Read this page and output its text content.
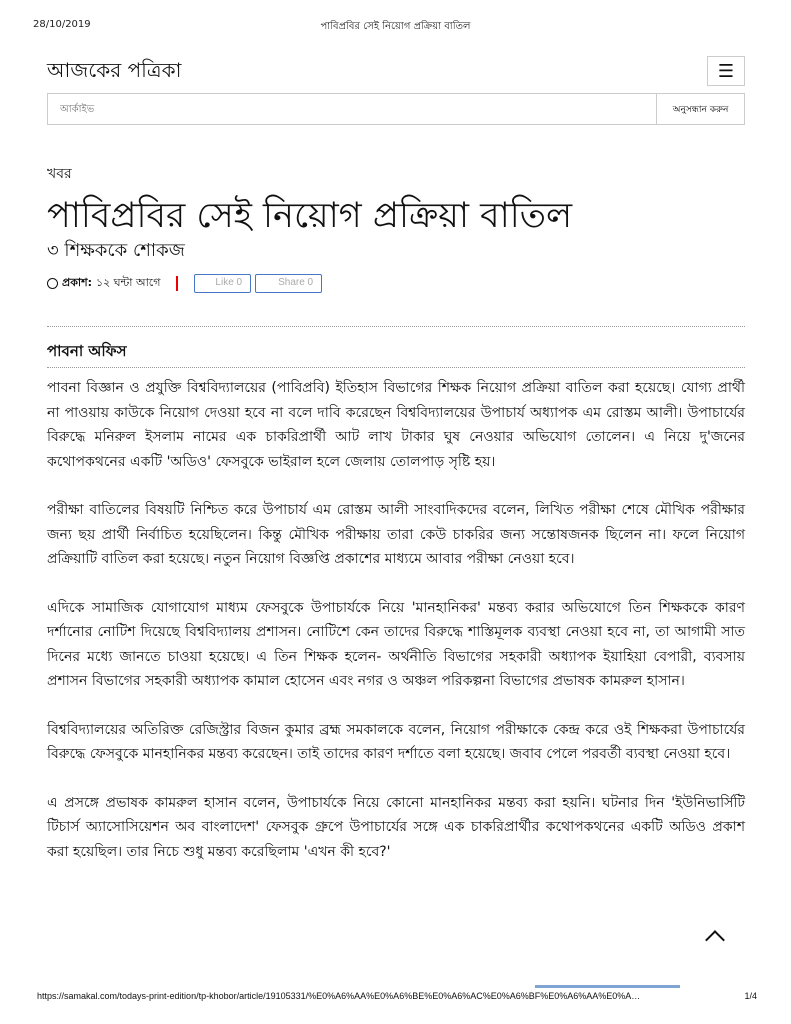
28/10/2019	পাবিপ্রবির সেই নিয়োগ প্রক্রিয়া বাতিল
আজকের পত্রিকা	☰
আর্কাইভ
অনুসন্ধান করুন
খবর
পাবিপ্রবির সেই নিয়োগ প্রক্রিয়া বাতিল
৩ শিক্ষককে শোকজ
প্রকাশ: ১২ ঘন্টা আগে	Like 0	Share 0
পাবনা অফিস

পাবনা বিজ্ঞান ও প্রযুক্তি বিশ্ববিদ্যালয়ের (পাবিপ্রবি) ইতিহাস বিভাগের শিক্ষক নিয়োগ প্রক্রিয়া বাতিল করা হয়েছে। যোগ্য প্রার্থী না পাওয়ায় কাউকে নিয়োগ দেওয়া হবে না বলে দাবি করেছেন বিশ্ববিদ্যালয়ের উপাচার্য অধ্যাপক এম রোস্তম আলী। উপাচার্যের বিরুদ্ধে মনিরুল ইসলাম নামের এক চাকরিপ্রার্থী আট লাখ টাকার ঘুষ নেওয়ার অভিযোগ তোলেন। এ নিয়ে দু'জনের কথোপকথনের একটি 'অডিও' ফেসবুকে ভাইরাল হলে জেলায় তোলপাড় সৃষ্টি হয়।

পরীক্ষা বাতিলের বিষয়টি নিশ্চিত করে উপাচার্য এম রোস্তম আলী সাংবাদিকদের বলেন, লিখিত পরীক্ষা শেষে মৌখিক পরীক্ষার জন্য ছয় প্রার্থী নির্বাচিত হয়েছিলেন। কিন্তু মৌখিক পরীক্ষায় তারা কেউ চাকরির জন্য সন্তোষজনক ছিলেন না। ফলে নিয়োগ প্রক্রিয়াটি বাতিল করা হয়েছে। নতুন নিয়োগ বিজ্ঞপ্তি প্রকাশের মাধ্যমে আবার পরীক্ষা নেওয়া হবে।

এদিকে সামাজিক যোগাযোগ মাধ্যম ফেসবুকে উপাচার্যকে নিয়ে 'মানহানিকর' মন্তব্য করার অভিযোগে তিন শিক্ষককে কারণ দর্শানোর নোটিশ দিয়েছে বিশ্ববিদ্যালয় প্রশাসন। নোটিশে কেন তাদের বিরুদ্ধে শাস্তিমূলক ব্যবস্থা নেওয়া হবে না, তা আগামী সাত দিনের মধ্যে জানতে চাওয়া হয়েছে। এ তিন শিক্ষক হলেন- অর্থনীতি বিভাগের সহকারী অধ্যাপক ইয়াহিয়া বেপারী, ব্যবসায় প্রশাসন বিভাগের সহকারী অধ্যাপক কামাল হোসেন এবং নগর ও অঞ্চল পরিকল্পনা বিভাগের প্রভাষক কামরুল হাসান।

বিশ্ববিদ্যালয়ের অতিরিক্ত রেজিস্ট্রার বিজন কুমার ব্রহ্ম সমকালকে বলেন, নিয়োগ পরীক্ষাকে কেন্দ্র করে ওই শিক্ষকরা উপাচার্যের বিরুদ্ধে ফেসবুকে মানহানিকর মন্তব্য করেছেন। তাই তাদের কারণ দর্শাতে বলা হয়েছে। জবাব পেলে পরবর্তী ব্যবস্থা নেওয়া হবে।

এ প্রসঙ্গে প্রভাষক কামরুল হাসান বলেন, উপাচার্যকে নিয়ে কোনো মানহানিকর মন্তব্য করা হয়নি। ঘটনার দিন 'ইউনিভার্সিটি টিচার্স অ্যাসোসিয়েশন অব বাংলাদেশ' ফেসবুক গ্রুপে উপাচার্যের সঙ্গে এক চাকরিপ্রার্থীর কথোপকথনের একটি অডিও প্রকাশ করা হয়েছিল। তার নিচে শুধু মন্তব্য করেছিলাম 'এখন কী হবে?'

https://samakal.com/todays-print-edition/tp-khobor/article/19105331/%E0%A6%AA%E0%A6%BE%E0%A6%AC%E0%A6%BF%E0%A6%AA%E0%A…	1/4
